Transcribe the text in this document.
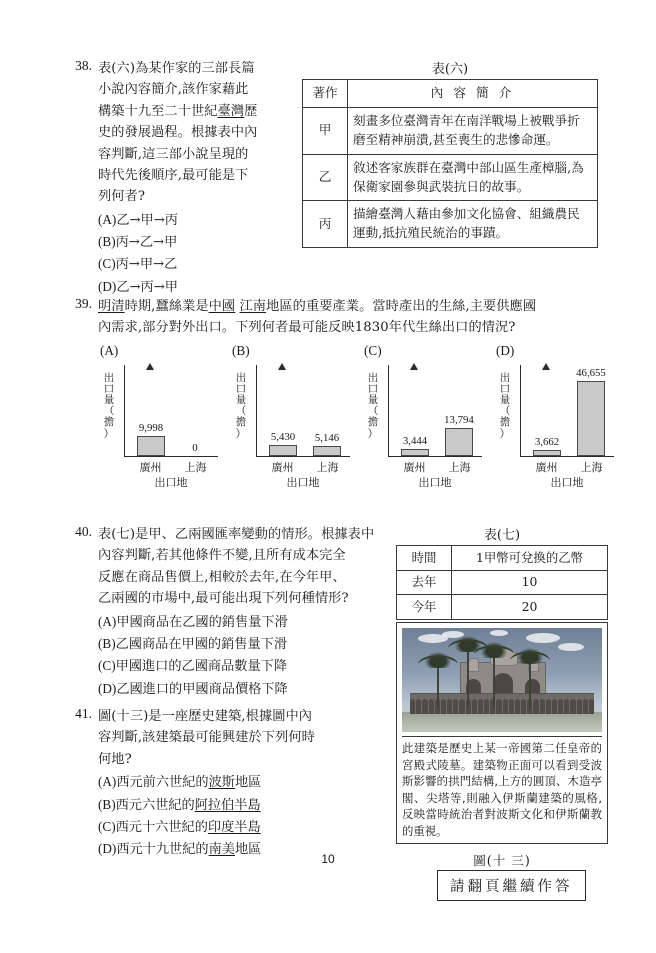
38. 表(六)為某作家的三部長篇
小說內容簡介,該作家藉此
構築十九至二十世紀臺灣歷
史的發展過程。根據表中內
容判斷,這三部小說呈現的
時代先後順序,最可能是下
列何者?
(A)乙→甲→丙
(B)丙→乙→甲
(C)丙→甲→乙
(D)乙→丙→甲
表(六)
著作	內 容 簡 介
甲	刻畫多位臺灣青年在南洋戰場上被戰爭折磨至精神崩潰,甚至喪生的悲慘命運。
乙	敘述客家族群在臺灣中部山區生產樟腦,為保衛家園參與武裝抗日的故事。
丙	描繪臺灣人藉由參加文化協會、組織農民運動,抵抗殖民統治的事蹟。
39. 明清時期,蠶絲業是中國 江南地區的重要產業。當時產出的生絲,主要供應國
內需求,部分對外出口。下列何者最可能反映1830年代生絲出口的情況?
(A)
出
口
量
（
擔
）	9,998
0
廣州	上海
出口地
(B)
出
口
量
（
擔
）	5,430	5,146
廣州	上海
出口地
(C)
出
口
量
（
擔
）
3,444
13,794
廣州	上海
出口地
(D)
出
口
量
（
擔
）
3,662
46,655
廣州	上海
出口地
40. 表(七)是甲、乙兩國匯率變動的情形。根據表中
內容判斷,若其他條件不變,且所有成本完全
反應在商品售價上,相較於去年,在今年甲、
乙兩國的市場中,最可能出現下列何種情形?
(A)甲國商品在乙國的銷售量下滑
(B)乙國商品在甲國的銷售量下滑
(C)甲國進口的乙國商品數量下降
(D)乙國進口的甲國商品價格下降
表(七)
時間	1甲幣可兌換的乙幣
去年	10
今年	20
41. 圖(十三)是一座歷史建築,根據圖中內
容判斷,該建築最可能興建於下列何時
何地?
(A)西元前六世紀的波斯地區
(B)西元六世紀的阿拉伯半島
(C)西元十六世紀的印度半島
(D)西元十九世紀的南美地區
此建築是歷史上某一帝國第二任皇帝的宮殿式陵墓。建築物正面可以看到受波斯影響的拱門結構,上方的圓頂、木造亭閣、尖塔等,則融入伊斯蘭建築的風格,反映當時統治者對波斯文化和伊斯蘭教的重視。
圖(十 三)
10
請翻頁繼續作答
